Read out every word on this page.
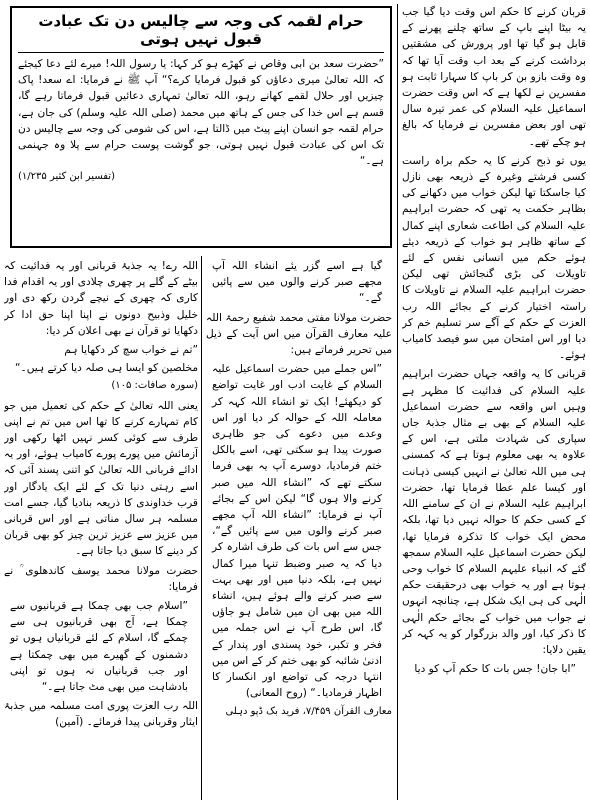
حرام لقمہ کی وجہ سے چالیس دن تک عبادت قبول نہیں ہوتی
”حضرت سعد بن ابی وقاص نے کھڑے ہو کر کہا: یا رسول اللہ! میرے لئے دعا کیجئے کہ اللہ تعالیٰ میری دعاؤں کو قبول فرمایا کرے؟“ آپ ﷺ نے فرمایا: اے سعد! پاک چیزیں اور حلال لقمے کھانے رہو، اللہ تعالیٰ تمہاری دعائیں قبول فرماتا رہے گا، قسم ہے اس خدا کی جس کے ہاتھ میں محمد (صلی اللہ علیہ وسلم) کی جان ہے، حرام لقمہ جو انسان اپنے پیٹ میں ڈالتا ہے، اس کی شومی کی وجہ سے چالیس دن تک اس کی عبادت قبول نہیں ہوتی، جو گوشت پوست حرام سے پلا وہ جہنمی ہے۔“
(تفسیر ابن کثیر ۱/۲۳۵)

قربان کرنے کا حکم اس وقت دیا گیا جب یہ بیٹا اپنے باپ کے ساتھ چلنے پھرنے کے قابل ہو گیا تھا اور پرورش کی مشقتیں برداشت کرنے کے بعد اب وقت آیا تھا کہ وہ وقت بازو بن کر باپ کا سہارا ثابت ہو مفسرین نے لکھا ہے کہ اس وقت حضرت اسماعیل علیہ السلام کی عمر تیرہ سال تھی اور بعض مفسرین نے فرمایا کہ بالغ ہو چکے تھے۔

یوں تو ذبح کرنے کا یہ حکم براہ راست کسی فرشتے وغیرہ کے ذریعہ بھی نازل کیا جاسکتا تھا لیکن خواب میں دکھانے کی بظاہر حکمت یہ تھی کہ حضرت ابراہیم علیہ السلام کی اطاعت شعاری اپنے کمال کے ساتھ ظاہر ہو خواب کے ذریعہ دیئے ہوئے حکم میں انسانی نفس کے لئے تاویلات کی بڑی گنجائش تھی لیکن حضرت ابراہیم علیہ السلام نے تاویلات کا راستہ اختیار کرنے کے بجائے اللہ رب العزت کے حکم کے آگے سر تسلیم خم کر دیا اور اس امتحان میں سو فیصد کامیاب ہوئے۔

قربانی کا یہ واقعہ جہاں حضرت ابراہیم علیہ السلام کی فدائیت کا مظہر ہے وہیں اس واقعہ سے حضرت اسماعیل علیہ السلام کے بھی بے مثال جذبۂ جاں سپاری کی شہادت ملتی ہے، اس کے علاوہ یہ بھی معلوم ہوتا ہے کہ کمسنی ہی میں اللہ تعالیٰ نے انہیں کیسی ذہانت اور کیسا علم عطا فرمایا تھا، حضرت ابراہیم علیہ السلام نے ان کے سامنے اللہ کے کسی حکم کا حوالہ نہیں دیا تھا، بلکہ محض ایک خواب کا تذکرہ فرمایا تھا، لیکن حضرت اسماعیل علیہ السلام سمجھ گئے کہ انبیاء علیہم السلام کا خواب وحی ہوتا ہے اور یہ خواب بھی درحقیقت حکم الٰہی کی ہی ایک شکل ہے، چنانچہ انہوں نے جواب میں خواب کے بجائے حکم الٰہی کا ذکر کیا، اور والد بزرگوار کو یہ کہہ کر یقین دلایا:

”ابا جان! جس بات کا حکم آپ کو دیا

گیا ہے اسے گزر یئے انشاء اللہ آپ مجھے صبر کرنے والوں میں سے پائیں گے۔“

حضرت مولانا مفتی محمد شفیع رحمۃ اللہ علیہ معارف القرآن میں اس آیت کے ذیل میں تحریر فرماتے ہیں:

”اس جملے میں حضرت اسماعیل علیہ السلام کے غایت ادب اور غایت تواضع کو دیکھئے! ایک تو انشاء اللہ کہہ کر معاملہ اللہ کے حوالہ کر دیا اور اس وعدے میں دعوے کی جو ظاہری صورت پیدا ہو سکتی تھی، اسے بالکل ختم فرمادیا، دوسرے آپ یہ بھی فرما سکتے تھے کہ ”انشاء اللہ میں صبر کرنے والا ہوں گا“ لیکن اس کے بجائے آپ نے فرمایا: ”انشاء اللہ آپ مجھے صبر کرنے والوں میں سے پائیں گے“، جس سے اس بات کی طرف اشارہ کر دیا کہ یہ صبر وضبط تنہا میرا کمال نہیں ہے، بلکہ دنیا میں اور بھی بہت سے صبر کرنے والے ہوئے ہیں، انشاء اللہ میں بھی ان میں شامل ہو جاؤں گا، اس طرح آپ نے اس جملہ میں فخر و تکبر، خود پسندی اور پندار کے ادنیٰ شائبہ کو بھی ختم کر کے اس میں انتہا درجہ کی تواضع اور انکسار کا اظہار فرمادیا۔“ (روح المعانی)

معارف القرآن ۷/۴۵۹، فرید بک ڈپو دہلی

اللہ رے! یہ جذبۂ قربانی اور یہ فدائیت کہ بیٹے کے گلے پر چھری چلادی اور یہ اقدام فدا کاری کہ چھری کے نیچے گردن رکھ دی اور خلیل وذبیح دونوں نے اپنا اپنا حق ادا کر دکھایا تو قرآن نے بھی اعلان کر دیا:

”تم نے خواب سچ کر دکھایا ہم
مخلصین کو ایسا ہی صلہ دیا کرتے ہیں۔“

(سورہ صافات: ۱۰۵)

یعنی اللہ تعالیٰ کے حکم کی تعمیل میں جو کام تمہارے کرنے کا تھا اس میں تم نے اپنی طرف سے کوئی کسر نہیں اٹھا رکھی اور آزمائش میں پورے پورے کامیاب ہوئے، اور یہ ادائے قربانی اللہ تعالیٰ کو اتنی پسند آئی کہ اسے رہتی دنیا تک کے لئے ایک یادگار اور قرب خداوندی کا ذریعہ بنادیا گیا، جسے امت مسلمہ ہر سال مناتی ہے اور اس قربانی میں عزیز سے عزیز ترین چیز کو بھی قربان کر دینے کا سبق دیا جاتا ہے۔

حضرت مولانا محمد یوسف کاندھلوی ؒ نے فرمایا:

”اسلام جب بھی چمکا ہے قربانیوں سے چمکا ہے، آج بھی قربانیوں ہی سے چمکے گا، اسلام کے لئے قربانیاں ہوں تو دشمنوں کے گھیرے میں بھی چمکتا ہے اور جب قربانیاں نہ ہوں تو اپنی بادشاہت میں بھی مٹ جاتا ہے۔“

اللہ رب العزت پوری امت مسلمہ میں جذبۂ ایثار وقربانی پیدا فرمائے۔ (آمین)
